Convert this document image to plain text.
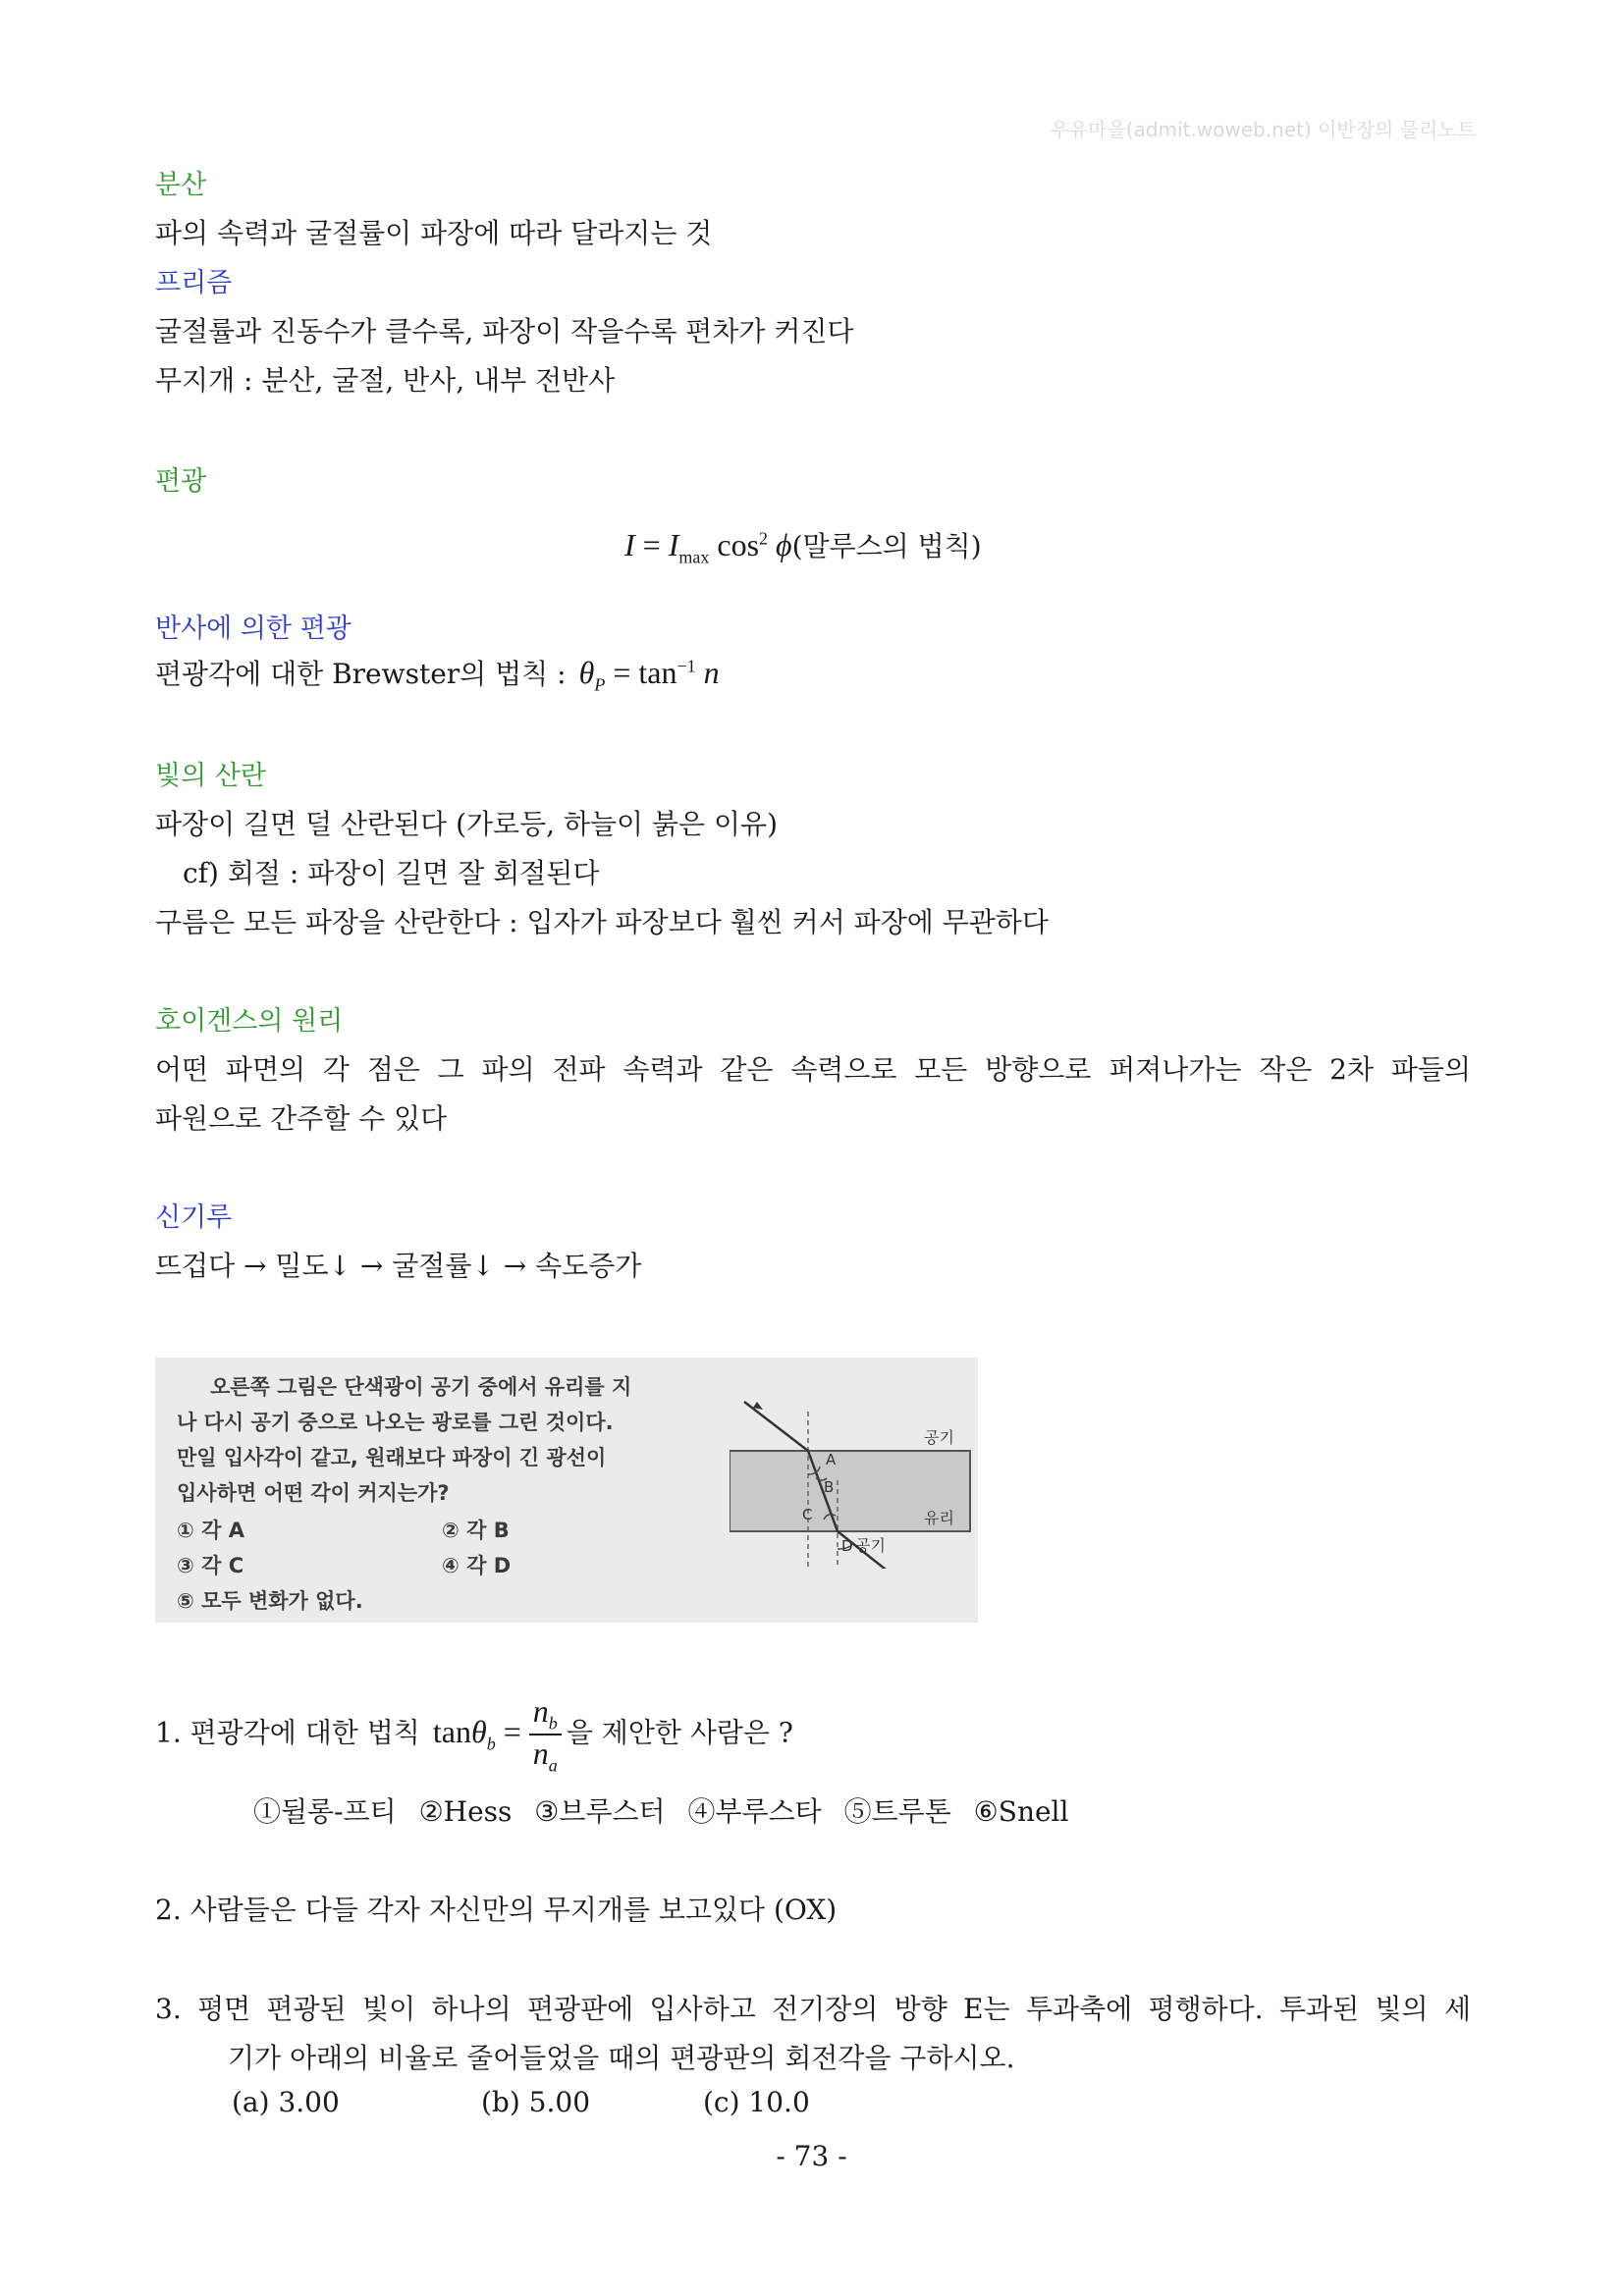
우유마을(admit.woweb.net) 이반장의 물리노트
분산
파의 속력과 굴절률이 파장에 따라 달라지는 것
프리즘
굴절률과 진동수가 클수록, 파장이 작을수록 편차가 커진다
무지개 : 분산, 굴절, 반사, 내부 전반사
편광
$I = I_{max}$ $\cos^2 \phi$(말루스의 법칙)
반사에 의한 편광
편광각에 대한 Brewster의 법칙 : $\theta_P = \tan^{-1} n$
빛의 산란
파장이 길면 덜 산란된다 (가로등, 하늘이 붉은 이유)
cf) 회절 : 파장이 길면 잘 회절된다
구름은 모든 파장을 산란한다 : 입자가 파장보다 훨씬 커서 파장에 무관하다
호이겐스의 원리
어떤 파면의 각 점은 그 파의 전파 속력과 같은 속력으로 모든 방향으로 퍼져나가는 작은 2차 파들의
파원으로 간주할 수 있다
신기루
뜨겁다 → 밀도↓ → 굴절률↓ → 속도증가
오른쪽 그림은 단색광이 공기 중에서 유리를 지
나 다시 공기 중으로 나오는 광로를 그린 것이다.
만일 입사각이 같고, 원래보다 파장이 긴 광선이
입사하면 어떤 각이 커지는가?
① 각 A	② 각 B
③ 각 C	④ 각 D
⑤ 모두 변화가 없다.
공기
유리
공기
A
B
C
D
1. 편광각에 대한 법칙  $\tan\theta_b = \frac{n_b}{n_a}$ 을 제안한 사람은 ?
①뒬롱-프티 ②Hess ③브루스터 ④부루스타 ⑤트루톤 ⑥Snell
2. 사람들은 다들 각자 자신만의 무지개를 보고있다 (OX)
3. 평면 편광된 빛이 하나의 편광판에 입사하고 전기장의 방향 E는 투과축에 평행하다. 투과된 빛의 세
기가 아래의 비율로 줄어들었을 때의 편광판의 회전각을 구하시오.
(a) 3.00	(b) 5.00	(c) 10.0
- 73 -
